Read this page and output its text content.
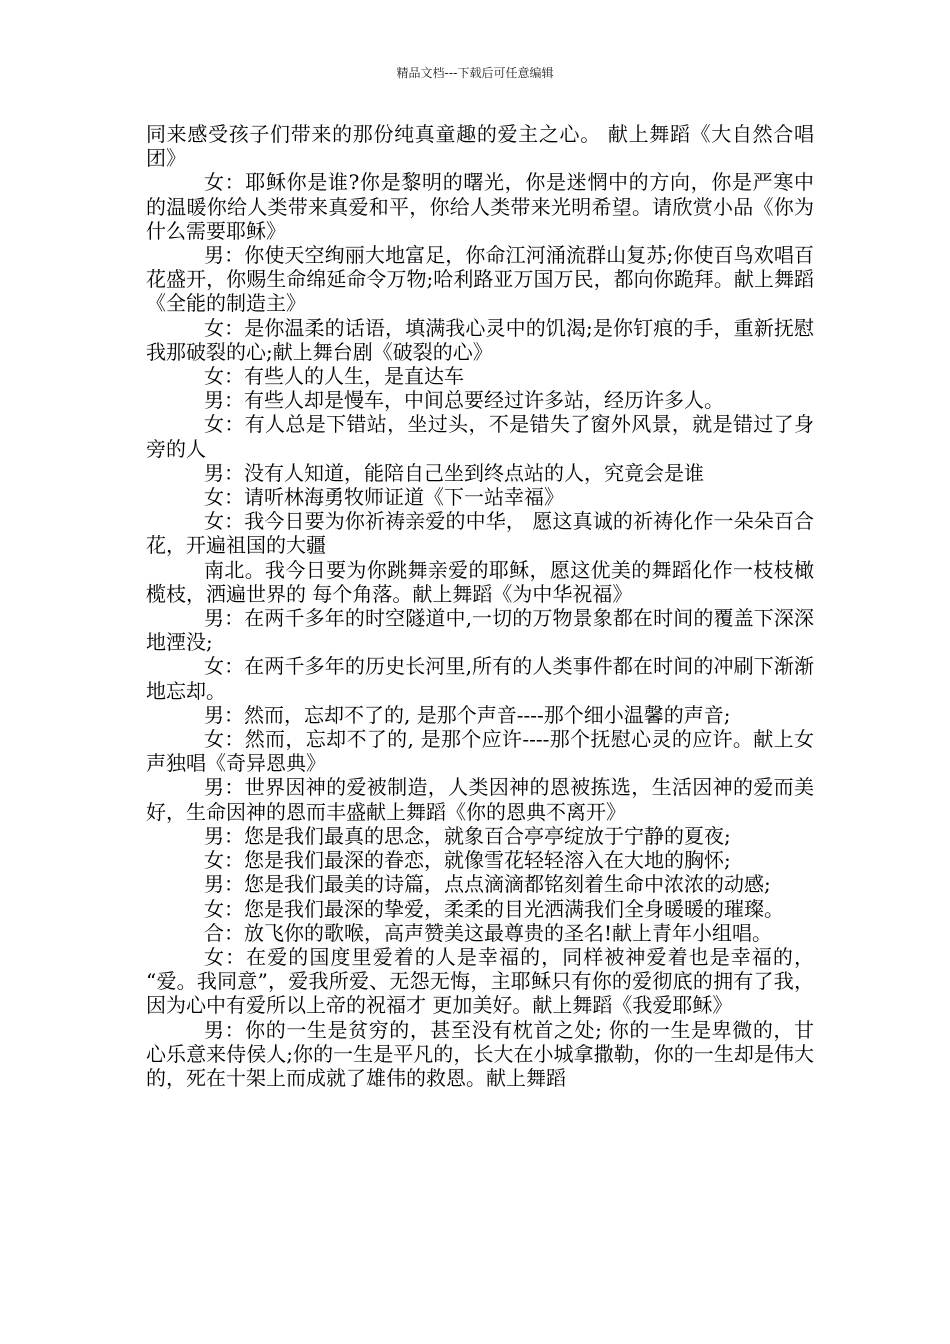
精品文档---下载后可任意编辑

同来感受孩子们带来的那份纯真童趣的爱主之心。 献上舞蹈《大自然合唱团》

女：耶稣你是谁?你是黎明的曙光，你是迷惘中的方向，你是严寒中的温暖你给人类带来真爱和平，你给人类带来光明希望。请欣赏小品《你为什么需要耶稣》

男：你使天空绚丽大地富足，你命江河涌流群山复苏;你使百鸟欢唱百花盛开，你赐生命绵延命令万物;哈利路亚万国万民，都向你跪拜。献上舞蹈《全能的制造主》

女：是你温柔的话语，填满我心灵中的饥渴;是你钉痕的手，重新抚慰我那破裂的心;献上舞台剧《破裂的心》

女：有些人的人生，是直达车

男：有些人却是慢车，中间总要经过许多站，经历许多人。

女：有人总是下错站，坐过头，不是错失了窗外风景，就是错过了身旁的人

男：没有人知道，能陪自己坐到终点站的人，究竟会是谁

女：请听林海勇牧师证道《下一站幸福》

女：我今日要为你祈祷亲爱的中华， 愿这真诚的祈祷化作一朵朵百合花，开遍祖国的大疆

南北。我今日要为你跳舞亲爱的耶稣，愿这优美的舞蹈化作一枝枝橄榄枝，洒遍世界的 每个角落。献上舞蹈《为中华祝福》

男：在两千多年的时空隧道中,一切的万物景象都在时间的覆盖下深深地湮没;

女：在两千多年的历史长河里,所有的人类事件都在时间的冲刷下渐渐地忘却。

男：然而，忘却不了的, 是那个声音----那个细小温馨的声音;

女：然而，忘却不了的, 是那个应许----那个抚慰心灵的应许。献上女声独唱《奇异恩典》

男：世界因神的爱被制造，人类因神的恩被拣选，生活因神的爱而美好，生命因神的恩而丰盛献上舞蹈《你的恩典不离开》

男：您是我们最真的思念，就象百合亭亭绽放于宁静的夏夜;

女：您是我们最深的眷恋，就像雪花轻轻溶入在大地的胸怀;

男：您是我们最美的诗篇，点点滴滴都铭刻着生命中浓浓的动感;

女：您是我们最深的挚爱，柔柔的目光洒满我们全身暖暖的璀璨。

合：放飞你的歌喉，高声赞美这最尊贵的圣名!献上青年小组唱。

女：在爱的国度里爱着的人是幸福的，同样被神爱着也是幸福的， “爱。我同意”，爱我所爱、无怨无悔，主耶稣只有你的爱彻底的拥有了我，因为心中有爱所以上帝的祝福才 更加美好。献上舞蹈《我爱耶稣》

男：你的一生是贫穷的，甚至没有枕首之处; 你的一生是卑微的，甘心乐意来侍侯人;你的一生是平凡的，长大在小城拿撒勒，你的一生却是伟大的，死在十架上而成就了雄伟的救恩。献上舞蹈
